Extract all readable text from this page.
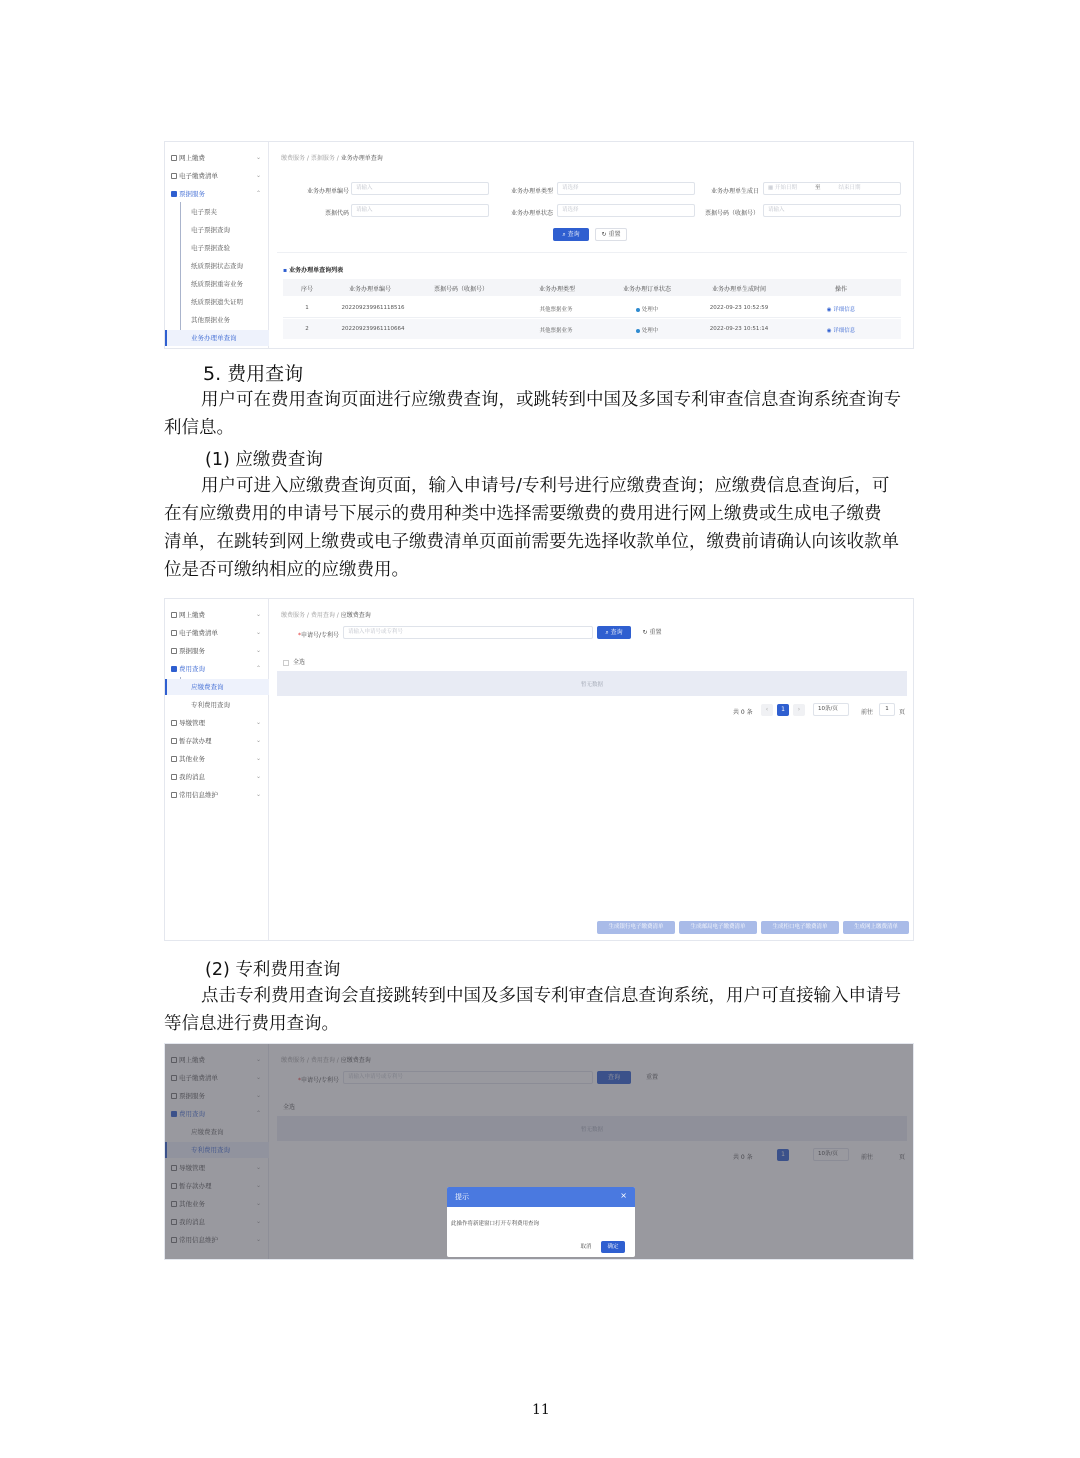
网上缴费	⌄
电子缴费清单	⌄
票据服务	⌃
电子票夹
电子票据查询
电子票据查验
纸质票据状态查询
纸质票据重寄业务
纸质票据遗失证明
其他票据业务
业务办理单查询
缴费服务 / 票据服务 / 业务办理单查询
业务办理单编号	请输入	业务办理单类型	请选择	业务办理单生成日	▦ 开始日期	至	结束日期
票据代码	请输入	业务办理单状态	请选择	票据号码（收据号）	请输入
⌕ 查询	↻ 重置
▪ 业务办理单查询列表
序号	业务办理单编号	票据号码（收据号）	业务办理类型	业务办理订单状态	业务办理单生成时间	操作
1	202209239961118516	其他票据业务	处理中	2022-09-23 10:52:59	◉ 详细信息
2	202209239961110664	其他票据业务	处理中	2022-09-23 10:51:14	◉ 详细信息
5. 费用查询
用户可在费用查询页面进行应缴费查询，或跳转到中国及多国专利审查信息查询系统查询专
利信息。
(1) 应缴费查询
用户可进入应缴费查询页面，输入申请号/专利号进行应缴费查询；应缴费信息查询后，可
在有应缴费用的申请号下展示的费用种类中选择需要缴费的费用进行网上缴费或生成电子缴费
清单，在跳转到网上缴费或电子缴费清单页面前需要先选择收款单位，缴费前请确认向该收款单
位是否可缴纳相应的应缴费用。
网上缴费	⌄
电子缴费清单	⌄
票据服务	⌄
费用查询	⌃
应缴费查询
专利费用查询
导缴管理	⌄
暂存款办理	⌄
其他业务	⌄
我的消息	⌄
常用信息维护	⌄
缴费服务 / 费用查询 / 应缴费查询
*申请号/专利号	请输入申请号或专利号	⌕ 查询	↻ 重置
全选
暂无数据
共 0 条	‹	1	›	10条/页	前往	1	页
生成银行电子缴费清单	生成邮局电子缴费清单	生成柜口电子缴费清单	生成网上缴费清单
(2) 专利费用查询
点击专利费用查询会直接跳转到中国及多国专利审查信息查询系统，用户可直接输入申请号
等信息进行费用查询。
提示	×
此操作将新建窗口打开专利费用查询
取消	确定
11
